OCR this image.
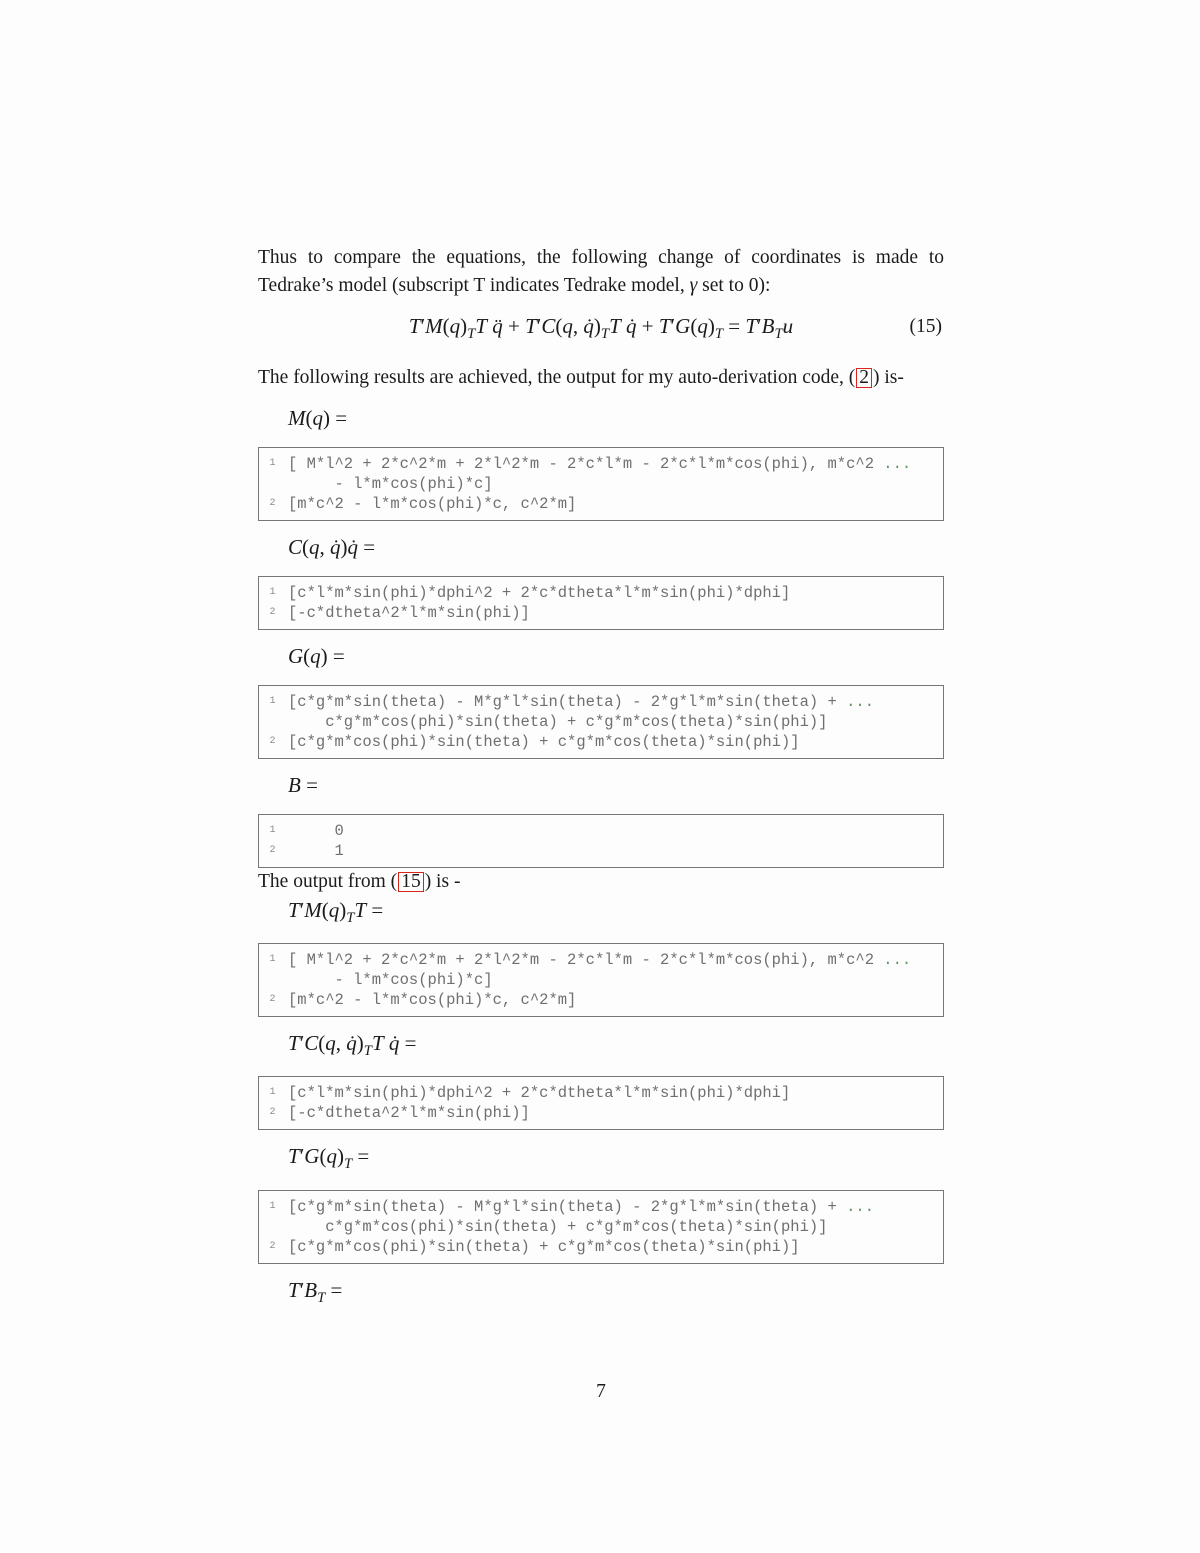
Thus to compare the equations, the following change of coordinates is made to Tedrake’s model (subscript T indicates Tedrake model, γ set to 0):

$T'M(q)_TT$ q̈ + T′C(q, $q̇)_TT$ q̇ + $T'G(q)_T = T'B_Tu$	(15)

The following results are achieved, the output for my auto-derivation code, ( 2 ) is-

M(q) =
1 [ M*l^2 + 2*c^2*m + 2*l^2*m - 2*c*l*m - 2*c*l*m*cos(phi), m*c^2 ...
- l*m*cos(phi)*c]
2 [m*c^2 - l*m*cos(phi)*c, c^2*m]
C(q, q̇)q̇ =
1 [c*l*m*sin(phi)*dphi^2 + 2*c*dtheta*l*m*sin(phi)*dphi]
2 [-c*dtheta^2*l*m*sin(phi)]
G(q) =
1 [c*g*m*sin(theta) - M*g*l*sin(theta) - 2*g*l*m*sin(theta) + ...
c*g*m*cos(phi)*sin(theta) + c*g*m*cos(theta)*sin(phi)]
2 [c*g*m*cos(phi)*sin(theta) + c*g*m*cos(theta)*sin(phi)]
B =
1 0
2 1

The output from ( 15 ) is -

$T'M(q)_TT$ =
1 [ M*l^2 + 2*c^2*m + 2*l^2*m - 2*c*l*m - 2*c*l*m*cos(phi), m*c^2 ...
- l*m*cos(phi)*c]
2 [m*c^2 - l*m*cos(phi)*c, c^2*m]
T′C(q, $q̇)_TT$ q̇ =
1 [c*l*m*sin(phi)*dphi^2 + 2*c*dtheta*l*m*sin(phi)*dphi]
2 [-c*dtheta^2*l*m*sin(phi)]
$T'G(q)_T$ =
1 [c*g*m*sin(theta) - M*g*l*sin(theta) - 2*g*l*m*sin(theta) + ...
c*g*m*cos(phi)*sin(theta) + c*g*m*cos(theta)*sin(phi)]
2 [c*g*m*cos(phi)*sin(theta) + c*g*m*cos(theta)*sin(phi)]
$T'B_T$ =
7
